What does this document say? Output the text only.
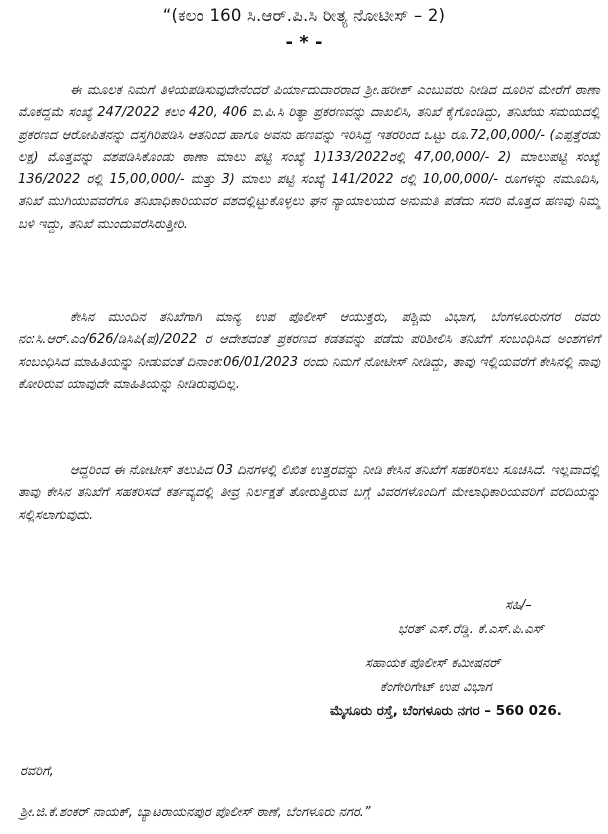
“(ಕಲಂ 160 ಸಿ.ಆರ್.ಪಿ.ಸಿ ರೀತ್ಯ ನೋಟೀಸ್ – 2)
- * -
ಈ ಮೂಲಕ ನಿಮಗೆ ತಿಳಿಯಪಡಿಸುವುದೇನೆಂದರೆ ಪಿರ್ಯಾದುದಾರರಾದ ಶ್ರೀ.ಹರೀಶ್ ಎಂಬುವರು ನೀಡಿದ ದೂರಿನ ಮೇರೆಗೆ ಠಾಣಾ ಮೊಕದ್ದಮೆ ಸಂಖ್ಯೆ 247/2022 ಕಲಂ 420, 406 ಐ.ಪಿ.ಸಿ ರಿತ್ಯಾ ಪ್ರಕರಣವನ್ನು ದಾಖಲಿಸಿ, ತನಿಖೆ ಕೈಗೊಂಡಿದ್ದು, ತನಿಖೆಯ ಸಮಯದಲ್ಲಿ ಪ್ರಕರಣದ ಆರೋಪಿತನನ್ನು ದಸ್ತಗಿರಿಪಡಿಸಿ ಆತನಿಂದ ಹಾಗೂ ಅವನು ಹಣವನ್ನು ಇರಿಸಿದ್ದ ಇತರರಿಂದ ಒಟ್ಟು ರೂ.72,00,000/- (ಎಪ್ಪತ್ತೆರಡು ಲಕ್ಷ) ಮೊತ್ತವನ್ನು ವಶಪಡಿಸಿಕೊಂಡು ಠಾಣಾ ಮಾಲು ಪಟ್ಟಿ ಸಂಖ್ಯೆ 1)133/2022ರಲ್ಲಿ 47,00,000/- 2) ಮಾಲುಪಟ್ಟಿ ಸಂಖ್ಯೆ 136/2022 ರಲ್ಲಿ 15,00,000/- ಮತ್ತು 3) ಮಾಲು ಪಟ್ಟಿ ಸಂಖ್ಯೆ 141/2022 ರಲ್ಲಿ 10,00,000/- ರೂಗಳನ್ನು ನಮೂದಿಸಿ, ತನಿಖೆ ಮುಗಿಯುವವರೆಗೂ ತನಿಖಾಧಿಕಾರಿಯವರ ವಶದಲ್ಲಿಟ್ಟುಕೊಳ್ಳಲು ಘನ ನ್ಯಾಯಾಲಯದ ಅನುಮತಿ ಪಡೆದು ಸದರಿ ಮೊತ್ತದ ಹಣವು ನಿಮ್ಮ ಬಳಿ ಇದ್ದು, ತನಿಖೆ ಮುಂದುವರೆಸಿರುತ್ತೀರಿ.
ಕೇಸಿನ ಮುಂದಿನ ತನಿಖೆಗಾಗಿ ಮಾನ್ಯ ಉಪ ಪೊಲೀಸ್ ಆಯುಕ್ತರು, ಪಶ್ಚಿಮ ವಿಭಾಗ, ಬೆಂಗಳೂರುನಗರ ರವರು ನಂ:ಸಿ.ಆರ್.ಎಂ/626/ಡಿಸಿಪಿ(ಪ)/2022 ರ ಆದೇಶದಂತೆ ಪ್ರಕರಣದ ಕಡತವನ್ನು ಪಡೆದು ಪರಿಶೀಲಿಸಿ ತನಿಖೆಗೆ ಸಂಬಂಧಿಸಿದ ಅಂಶಗಳಿಗೆ ಸಂಬಂಧಿಸಿದ ಮಾಹಿತಿಯನ್ನು ನೀಡುವಂತೆ ದಿನಾಂಕ:06/01/2023 ರಂದು ನಿಮಗೆ ನೋಟೀಸ್ ನೀಡಿದ್ದು, ತಾವು ಇಲ್ಲಿಯವರೆಗೆ ಕೇಸಿನಲ್ಲಿ ನಾವು ಕೋರಿರುವ ಯಾವುದೇ ಮಾಹಿತಿಯನ್ನು ನೀಡಿರುವುದಿಲ್ಲ.
ಆದ್ದರಿಂದ ಈ ನೋಟೀಸ್ ತಲುಪಿದ 03 ದಿನಗಳಲ್ಲಿ ಲಿಖಿತ ಉತ್ತರವನ್ನು ನೀಡಿ ಕೇಸಿನ ತನಿಖೆಗೆ ಸಹಕರಿಸಲು ಸೂಚಿಸಿದೆ. ಇಲ್ಲವಾದಲ್ಲಿ ತಾವು ಕೇಸಿನ ತನಿಖೆಗೆ ಸಹಕರಿಸದೆ ಕರ್ತವ್ಯದಲ್ಲಿ ತೀವ್ರ ನಿರ್ಲಕ್ಷತೆ ತೋರುತ್ತಿರುವ ಬಗ್ಗೆ ವಿವರಗಳೊಂದಿಗೆ ಮೇಲಾಧಿಕಾರಿಯವರಿಗೆ ವರದಿಯನ್ನು ಸಲ್ಲಿಸಲಾಗುವುದು.
ಸಹಿ/–
ಭರತ್ ಎಸ್.ರೆಡ್ಡಿ. ಕೆ.ಎಸ್.ಪಿ.ಎಸ್
ಸಹಾಯಕ ಪೊಲೀಸ್ ಕಮೀಷನರ್
ಕೆಂಗೇರಿಗೇಟ್ ಉಪ ವಿಭಾಗ
ಮೈಸೂರು ರಸ್ತೆ, ಬೆಂಗಳೂರು ನಗರ – 560 026.
ರವರಿಗೆ,
ಶ್ರೀ.ಜಿ.ಕೆ.ಶಂಕರ್ ನಾಯಕ್, ಬ್ಯಾಟರಾಯನಪುರ ಪೊಲೀಸ್ ಠಾಣೆ, ಬೆಂಗಳೂರು ನಗರ.”
